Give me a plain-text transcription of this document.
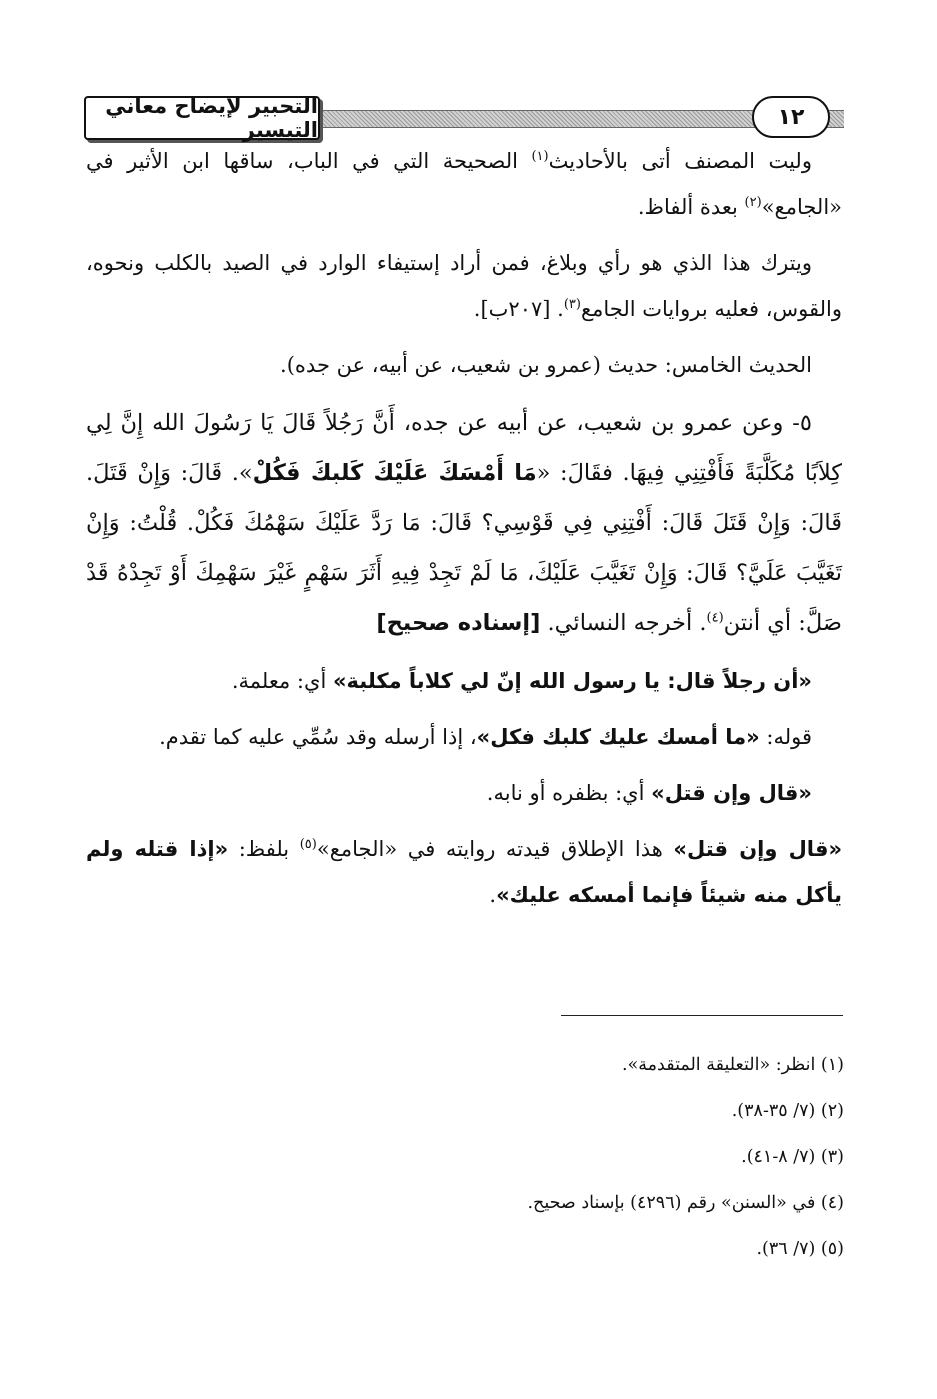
التحبير لإيضاح معاني التيسير
١٢

وليت المصنف أتى بالأحاديث$^{(١)}$ الصحيحة التي في الباب، ساقها ابن الأثير في «الجامع»$^{(٢)}$ بعدة ألفاظ.

ويترك هذا الذي هو رأي وبلاغ، فمن أراد إستيفاء الوارد في الصيد بالكلب ونحوه، والقوس، فعليه بروايات الجامع$^{(٣)}$. [٢٠٧ب].

الحديث الخامس: حديث (عمرو بن شعيب، عن أبيه، عن جده).

٥- وعن عمرو بن شعيب، عن أبيه عن جده، أَنَّ رَجُلاً قَالَ يَا رَسُولَ الله إِنَّ لِي كِلاَبًا مُكَلَّبَةً فَأَفْتِنِي فِيهَا. فقَالَ: «مَا أَمْسَكَ عَلَيْكَ كَلبكَ فَكُلْ». قَالَ: وَإِنْ قَتَلَ. قَالَ: وَإِنْ قَتَلَ قَالَ: أَفْتِنِي فِي قَوْسِي؟ قَالَ: مَا رَدَّ عَلَيْكَ سَهْمُكَ فَكُلْ. قُلْتُ: وَإِنْ تَغَيَّبَ عَلَيَّ؟ قَالَ: وَإِنْ تَغَيَّبَ عَلَيْكَ، مَا لَمْ تَجِدْ فِيهِ أَثَرَ سَهْمٍ غَيْرَ سَهْمِكَ أَوْ تَجِدْهُ قَدْ صَلَّ: أي أنتن$^{(٤)}$. أخرجه النسائي. [إسناده صحيح]

«أن رجلاً قال: يا رسول الله إنّ لي كلاباً مكلبة» أي: معلمة.

قوله: «ما أمسك عليك كلبك فكل»، إذا أرسله وقد سُمِّي عليه كما تقدم.

«قال وإن قتل» أي: بظفره أو نابه.

«قال وإن قتل» هذا الإطلاق قيدته روايته في «الجامع»$^{(٥)}$ بلفظ: «إذا قتله ولم يأكل منه شيئاً فإنما أمسكه عليك».

(١) انظر: «التعليقة المتقدمة».
(٢) (٧/ ٣٥-٣٨).
(٣) (٧/ ٨-٤١).
(٤) في «السنن» رقم (٤٢٩٦) بإسناد صحيح.
(٥) (٧/ ٣٦).
